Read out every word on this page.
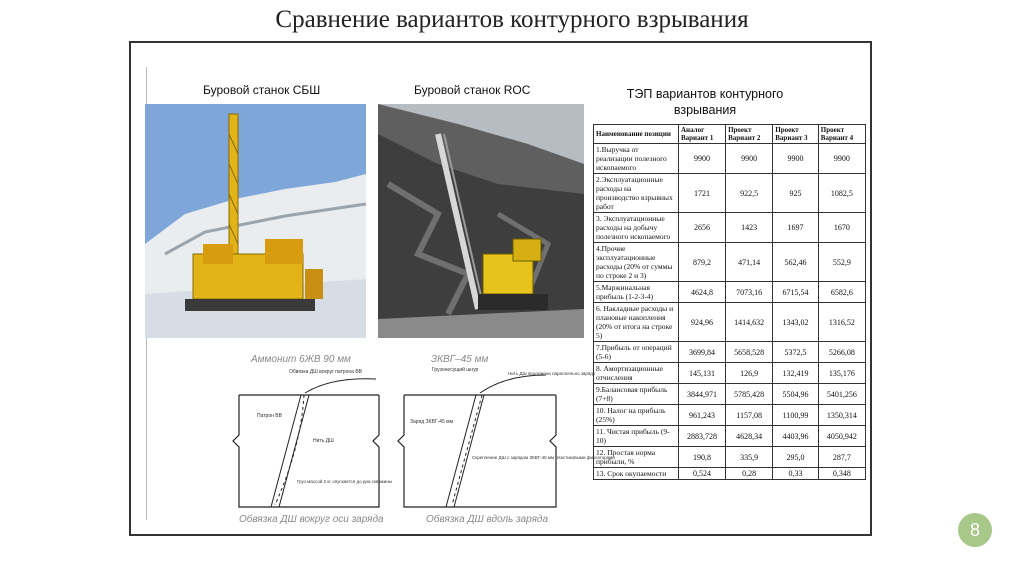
Сравнение вариантов контурного взрывания
Буровой станок СБШ
Аммонит 6ЖВ 90 мм
Обвязка ДШ вокруг патрона ВВ
Патрон ВВ
Нить ДШ
Груз массой 2 кг опускается до дна скважины
Обвязка ДШ вокруг оси заряда
Буровой станок ROC
ЗКВГ–45 мм
Грузонесущий шнур
Нить ДШ проложена параллельно заряду
Заряд ЗКВГ-45 мм
Скрепление ДШ с зарядом ЗКВГ-45 мм пластиковыми фиксаторами
Обвязка ДШ вдоль заряда
ТЭП вариантов контурного взрывания
Наименование позиции	Аналог Вариант 1	Проект Вариант 2	Проект Вариант 3	Проект Вариант 4
1.Выручка от реализации полезного ископаемого	9900	9900	9900	9900
2.Эксплуатационные расходы на производство взрывных работ	1721	922,5	925	1082,5
3. Эксплуатационные расходы на добычу полезного ископаемого	2656	1423	1697	1670
4.Прочие эксплуатационные расходы (20% от суммы по строке 2 и 3)	879,2	471,14	562,46	552,9
5.Маржинальная прибыль (1-2-3-4)	4624,8	7073,16	6715,54	6582,6
6. Накладные расходы и плановые накопления (20% от итога на строке 5)	924,96	1414,632	1343,02	1316,52
7.Прибыль от операций (5-6)	3699,84	5658,528	5372,5	5266,08
8. Амортизационные отчисления	145,131	126,9	132,419	135,176
9.Балансовая прибыль (7+8)	3844,971	5785,428	5504,96	5401,256
10. Налог на прибыль (25%)	961,243	1157,08	1100,99	1350,314
11. Чистая прибыль (9-10)	2883,728	4628,34	4403,96	4050,942
12. Простая норма прибыли, %	190,8	335,9	295,0	287,7
13. Срок окупаемости	0,524	0,28	0,33	0,348
8
